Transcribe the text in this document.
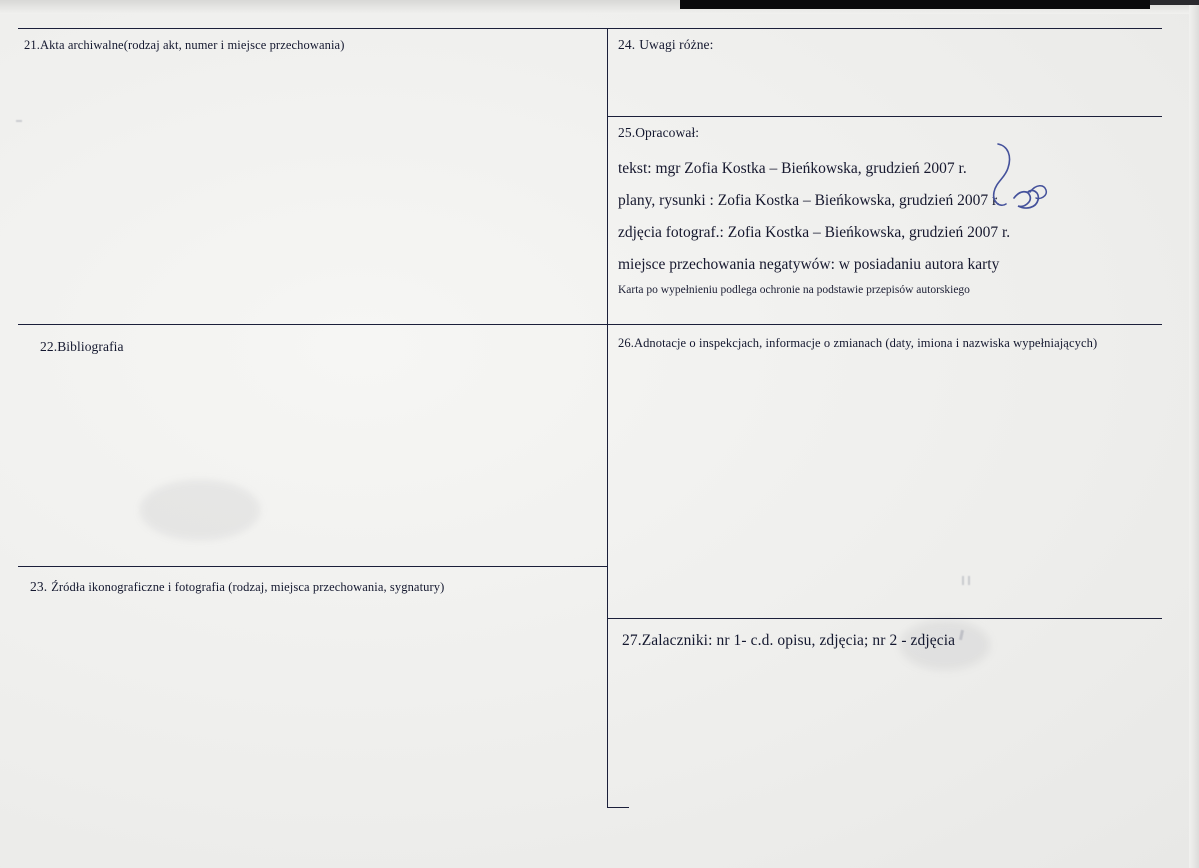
21.Akta archiwalne(rodzaj akt, numer i miejsce przechowania)
22.Bibliografia
23. Źródła ikonograficzne i fotografia (rodzaj, miejsca przechowania, sygnatury)
24. Uwagi różne:
25.Opracował:
tekst: mgr Zofia Kostka – Bieńkowska, grudzień 2007 r.
plany, rysunki : Zofia Kostka – Bieńkowska, grudzień 2007 r.
zdjęcia fotograf.: Zofia Kostka – Bieńkowska, grudzień 2007 r.
miejsce przechowania negatywów: w posiadaniu autora karty
Karta po wypełnieniu podlega ochronie na podstawie przepisów autorskiego
26.Adnotacje o inspekcjach, informacje o zmianach (daty, imiona i nazwiska wypełniających)
27.Zalaczniki: nr 1- c.d. opisu, zdjęcia; nr 2 - zdjęcia
